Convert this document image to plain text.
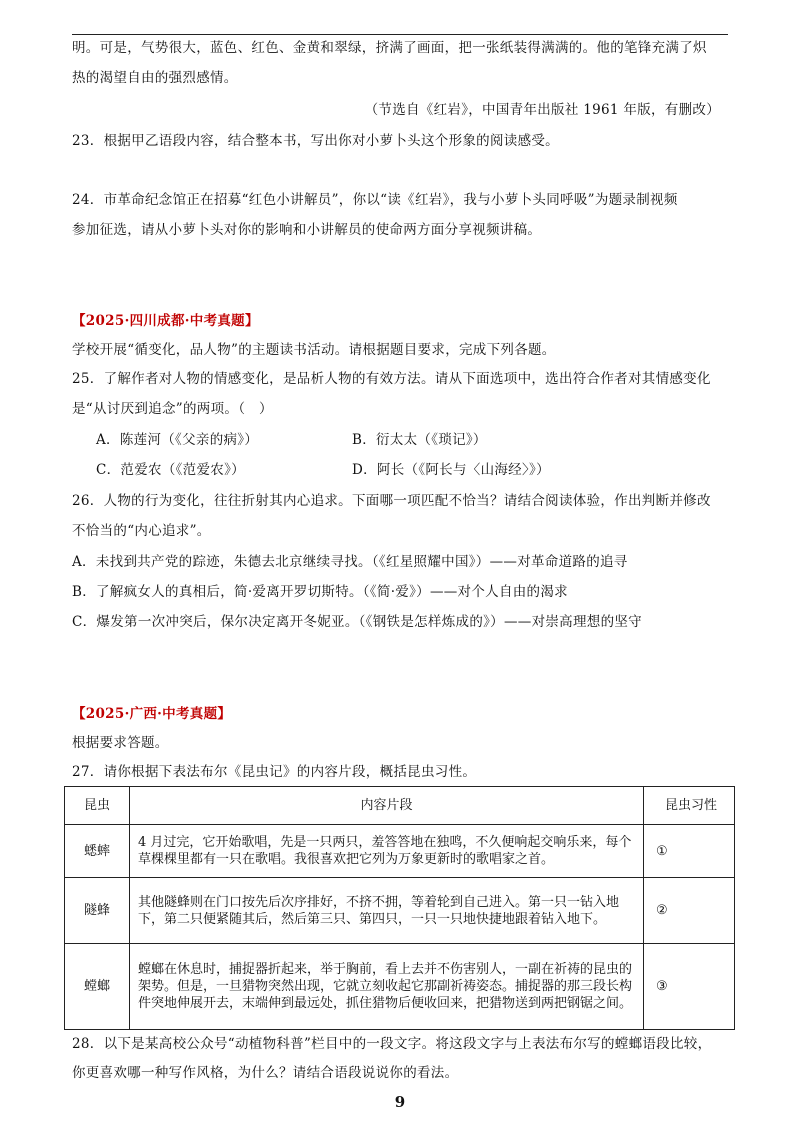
明。可是，气势很大，蓝色、红色、金黄和翠绿，挤满了画面，把一张纸装得满满的。他的笔锋充满了炽
热的渴望自由的强烈感情。
（节选自《红岩》，中国青年出版社 1961 年版，有删改）
23．根据甲乙语段内容，结合整本书，写出你对小萝卜头这个形象的阅读感受。
24．市革命纪念馆正在招募“红色小讲解员”，你以“读《红岩》，我与小萝卜头同呼吸”为题录制视频
参加征选，请从小萝卜头对你的影响和小讲解员的使命两方面分享视频讲稿。
【2025·四川成都·中考真题】
学校开展“循变化，品人物”的主题读书活动。请根据题目要求，完成下列各题。
25．了解作者对人物的情感变化，是品析人物的有效方法。请从下面选项中，选出符合作者对其情感变化
是“从讨厌到追念”的两项。（　）
A．陈莲河（《父亲的病》）	B．衍太太（《琐记》）
C．范爱农（《范爱农》）	D．阿长（《阿长与〈山海经〉》）
26．人物的行为变化，往往折射其内心追求。下面哪一项匹配不恰当？请结合阅读体验，作出判断并修改
不恰当的“内心追求”。
A．未找到共产党的踪迹，朱德去北京继续寻找。（《红星照耀中国》）——对革命道路的追寻
B．了解疯女人的真相后，简·爱离开罗切斯特。（《简·爱》）——对个人自由的渴求
C．爆发第一次冲突后，保尔决定离开冬妮亚。（《钢铁是怎样炼成的》）——对崇高理想的坚守
【2025·广西·中考真题】
根据要求答题。
27．请你根据下表法布尔《昆虫记》的内容片段，概括昆虫习性。
昆虫	内容片段	昆虫习性
蟋蟀	4 月过完，它开始歌唱，先是一只两只，羞答答地在独鸣，不久便响起交响乐来，每个草棵棵里都有一只在歌唱。我很喜欢把它列为万象更新时的歌唱家之首。	①
隧蜂	其他隧蜂则在门口按先后次序排好，不挤不拥，等着轮到自己进入。第一只一钻入地下，第二只便紧随其后，然后第三只、第四只，一只一只地快捷地跟着钻入地下。	②
螳螂	螳螂在休息时，捕捉器折起来，举于胸前，看上去并不伤害别人，一副在祈祷的昆虫的架势。但是，一旦猎物突然出现，它就立刻收起它那副祈祷姿态。捕捉器的那三段长构件突地伸展开去，末端伸到最远处，抓住猎物后便收回来，把猎物送到两把钢锯之间。	③
28．以下是某高校公众号“动植物科普”栏目中的一段文字。将这段文字与上表法布尔写的螳螂语段比较，
你更喜欢哪一种写作风格，为什么？请结合语段说说你的看法。
9
